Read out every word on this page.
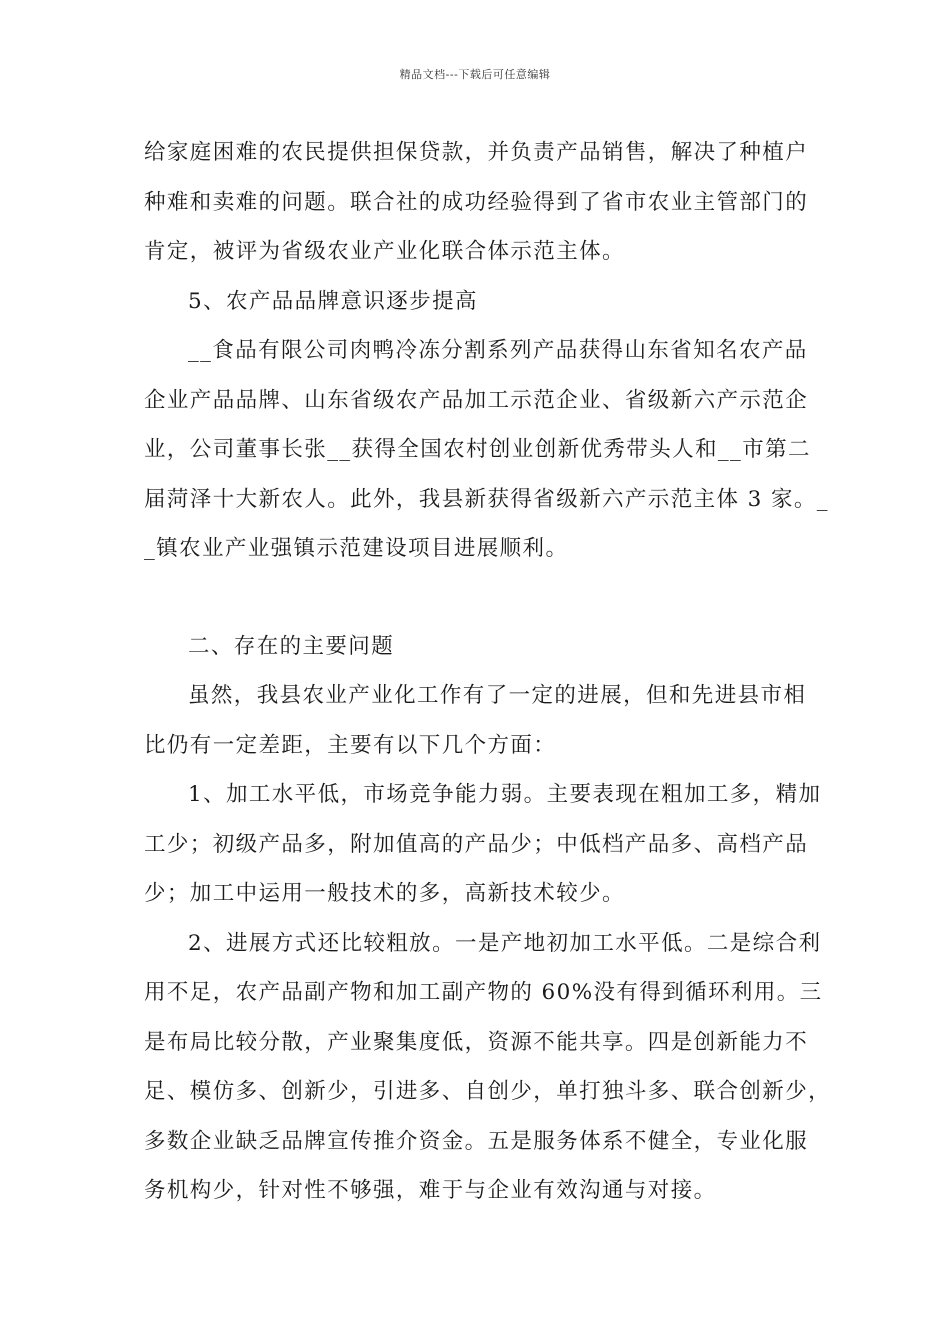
精品文档---下载后可任意编辑
给家庭困难的农民提供担保贷款，并负责产品销售，解决了种植户
种难和卖难的问题。联合社的成功经验得到了省市农业主管部门的
肯定，被评为省级农业产业化联合体示范主体。
5、农产品品牌意识逐步提高
__食品有限公司肉鸭冷冻分割系列产品获得山东省知名农产品
企业产品品牌、山东省级农产品加工示范企业、省级新六产示范企
业，公司董事长张__获得全国农村创业创新优秀带头人和__市第二
届菏泽十大新农人。此外，我县新获得省级新六产示范主体 3 家。_
_镇农业产业强镇示范建设项目进展顺利。
二、存在的主要问题
虽然，我县农业产业化工作有了一定的进展，但和先进县市相
比仍有一定差距，主要有以下几个方面：
1、加工水平低，市场竞争能力弱。主要表现在粗加工多，精加
工少；初级产品多，附加值高的产品少；中低档产品多、高档产品
少；加工中运用一般技术的多，高新技术较少。
2、进展方式还比较粗放。一是产地初加工水平低。二是综合利
用不足，农产品副产物和加工副产物的 60%没有得到循环利用。三
是布局比较分散，产业聚集度低，资源不能共享。四是创新能力不
足、模仿多、创新少，引进多、自创少，单打独斗多、联合创新少，
多数企业缺乏品牌宣传推介资金。五是服务体系不健全，专业化服
务机构少，针对性不够强，难于与企业有效沟通与对接。
